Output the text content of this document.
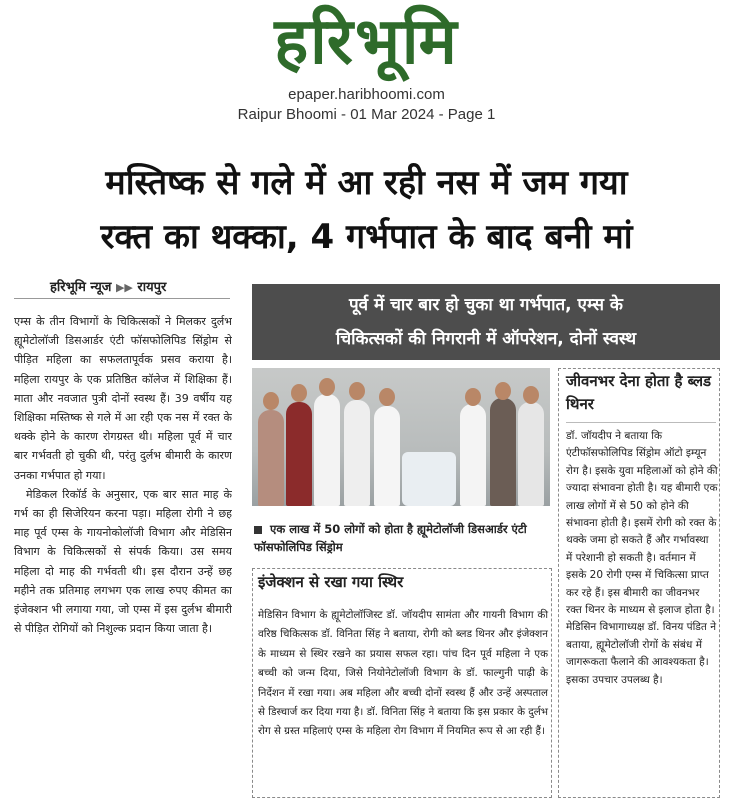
हरिभूमि
epaper.haribhoomi.com
Raipur Bhoomi - 01 Mar 2024 - Page 1
मस्तिष्क से गले में आ रही नस में जम गया
रक्त का थक्का, 4 गर्भपात के बाद बनी मां
हरिभूमि न्यूज ▶▶ रायपुर

एम्स के तीन विभागों के चिकित्सकों ने मिलकर दुर्लभ ह्यूमेटोलॉजी डिसआर्डर एंटी फॉसफोलिपिड सिंड्रोम से पीड़ित महिला का सफलतापूर्वक प्रसव कराया है। महिला रायपुर के एक प्रतिष्ठित कॉलेज में शिक्षिका हैं। माता और नवजात पुत्री दोनों स्वस्थ हैं। 39 वर्षीय यह शिक्षिका मस्तिष्क से गले में आ रही एक नस में रक्त के थक्के होने के कारण रोगग्रस्त थी। महिला पूर्व में चार बार गर्भवती हो चुकी थी, परंतु दुर्लभ बीमारी के कारण उनका गर्भपात हो गया।

मेडिकल रिकॉर्ड के अनुसार, एक बार सात माह के गर्भ का ही सिजेरियन करना पड़ा। महिला रोगी ने छह माह पूर्व एम्स के गायनोकोलॉजी विभाग और मेडिसिन विभाग के चिकित्सकों से संपर्क किया। उस समय महिला दो माह की गर्भवती थी। इस दौरान उन्हें छह महीने तक प्रतिमाह लगभग एक लाख रुपए कीमत का इंजेक्शन भी लगाया गया, जो एम्स में इस दुर्लभ बीमारी से पीड़ित रोगियों को निशुल्क प्रदान किया जाता है।

पूर्व में चार बार हो चुका था गर्भपात, एम्स के
चिकित्सकों की निगरानी में ऑपरेशन, दोनों स्वस्थ
एक लाख में 50 लोगों को होता है ह्यूमेटोलॉजी डिसआर्डर एंटी फॉसफोलिपिड सिंड्रोम
जीवनभर देना होता है ब्लड थिनर
डॉ. जॉयदीप ने बताया कि एंटीफॉसफोलिपिड सिंड्रोम ऑटो इम्यून रोग है। इसके युवा महिलाओं को होने की ज्यादा संभावना होती है। यह बीमारी एक लाख लोगों में से 50 को होने की संभावना होती है। इसमें रोगी को रक्त के थक्के जमा हो सकते हैं और गर्भावस्था में परेशानी हो सकती है। वर्तमान में इसके 20 रोगी एम्स में चिकित्सा प्राप्त कर रहे हैं। इस बीमारी का जीवनभर रक्त थिनर के माध्यम से इलाज होता है। मेडिसिन विभागाध्यक्ष डॉ. विनय पंडित ने बताया, ह्यूमेटोलॉजी रोगों के संबंध में जागरूकता फैलाने की आवश्यकता है। इसका उपचार उपलब्ध है।
इंजेक्शन से रखा गया स्थिर
मेडिसिन विभाग के ह्यूमेटोलॉजिस्ट डॉ. जॉयदीप सामंता और गायनी विभाग की वरिष्ठ चिकित्सक डॉ. विनिता सिंह ने बताया, रोगी को ब्लड थिनर और इंजेक्शन के माध्यम से स्थिर रखने का प्रयास सफल रहा। पांच दिन पूर्व महिला ने एक बच्ची को जन्म दिया, जिसे नियोनेटोलॉजी विभाग के डॉ. फाल्गुनी पाढ़ी के निर्देशन में रखा गया। अब महिला और बच्ची दोनों स्वस्थ हैं और उन्हें अस्पताल से डिस्चार्ज कर दिया गया है। डॉ. विनिता सिंह ने बताया कि इस प्रकार के दुर्लभ रोग से ग्रस्त महिलाएं एम्स के महिला रोग विभाग में नियमित रूप से आ रही हैं।
